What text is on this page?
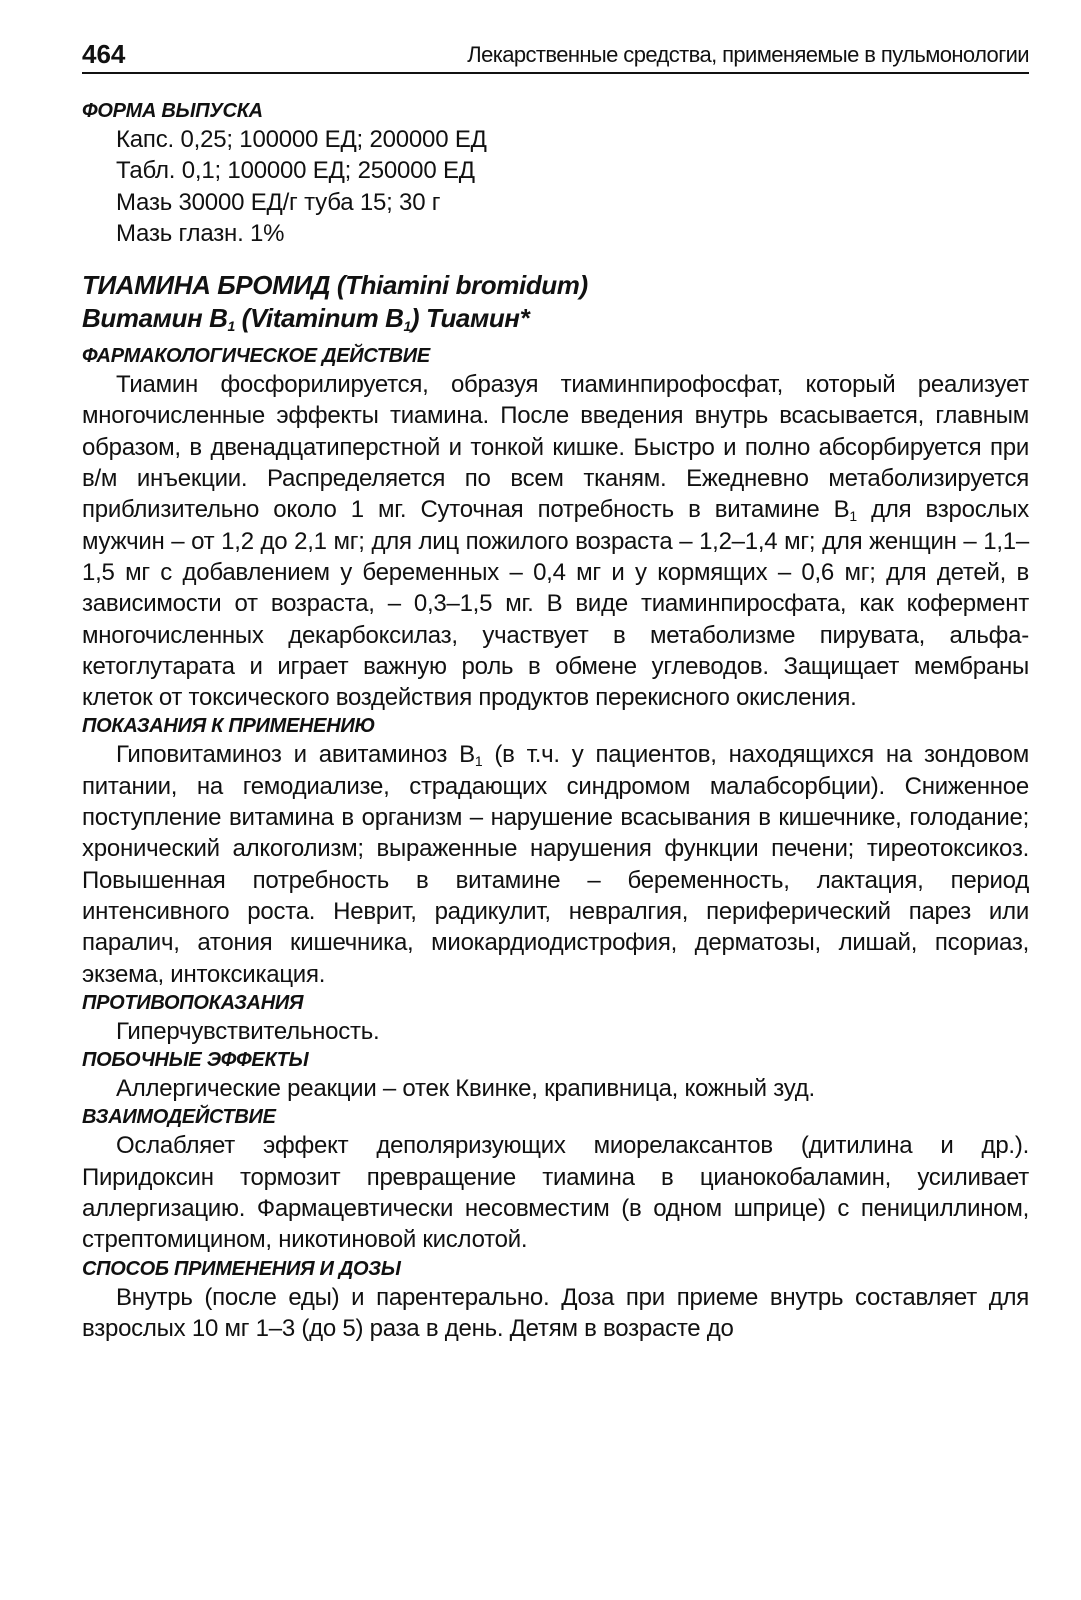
464	Лекарственные средства, применяемые в пульмонологии
ФОРМА ВЫПУСКА
Капс. 0,25; 100000 ЕД; 200000 ЕД
Табл. 0,1; 100000 ЕД; 250000 ЕД
Мазь 30000 ЕД/г туба 15; 30 г
Мазь глазн. 1%
ТИАМИНА БРОМИД (Thiamini bromidum)
Витамин $B_1$ (Vitaminum $B_1$) Тиамин*
ФАРМАКОЛОГИЧЕСКОЕ ДЕЙСТВИЕ

Тиамин фосфорилируется, образуя тиаминпирофосфат, который реализует многочисленные эффекты тиамина. После введения внутрь всасывается, главным образом, в двенадцатиперстной и тонкой кишке. Быстро и полно абсорбируется при в/м инъекции. Распределяется по всем тканям. Ежедневно метаболизируется приблизительно около 1 мг. Суточная потребность в витамине $B_1$ для взрослых мужчин – от 1,2 до 2,1 мг; для лиц пожилого возраста – 1,2–1,4 мг; для женщин – 1,1–1,5 мг с добавлением у беременных – 0,4 мг и у кормящих – 0,6 мг; для детей, в зависимости от возраста, – 0,3–1,5 мг. В виде тиаминпиросфата, как кофермент многочисленных декарбоксилаз, участвует в метаболизме пирувата, альфа-кетоглутарата и играет важную роль в обмене углеводов. Защищает мембраны клеток от токсического воздействия продуктов перекисного окисления.

ПОКАЗАНИЯ К ПРИМЕНЕНИЮ

Гиповитаминоз и авитаминоз $B_1$ (в т.ч. у пациентов, находящихся на зондовом питании, на гемодиализе, страдающих синдромом малабсорбции). Сниженное поступление витамина в организм – нарушение всасывания в кишечнике, голодание; хронический алкоголизм; выраженные нарушения функции печени; тиреотоксикоз. Повышенная потребность в витамине – беременность, лактация, период интенсивного роста. Неврит, радикулит, невралгия, периферический парез или паралич, атония кишечника, миокардиодистрофия, дерматозы, лишай, псориаз, экзема, интоксикация.

ПРОТИВОПОКАЗАНИЯ

Гиперчувствительность.

ПОБОЧНЫЕ ЭФФЕКТЫ

Аллергические реакции – отек Квинке, крапивница, кожный зуд.

ВЗАИМОДЕЙСТВИЕ

Ослабляет эффект деполяризующих миорелаксантов (дитилина и др.). Пиридоксин тормозит превращение тиамина в цианокобаламин, усиливает аллергизацию. Фармацевтически несовместим (в одном шприце) с пенициллином, стрептомицином, никотиновой кислотой.

СПОСОБ ПРИМЕНЕНИЯ И ДОЗЫ

Внутрь (после еды) и парентерально. Доза при приеме внутрь составляет для взрослых 10 мг 1–3 (до 5) раза в день. Детям в возрасте до
